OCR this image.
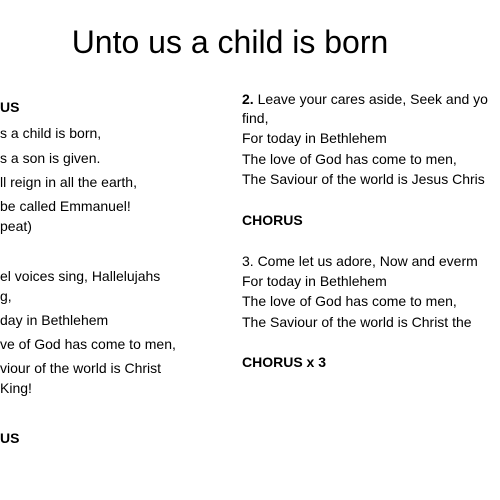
Unto us a child is born
US
s a child is born,
s a son is given.
ll reign in all the earth,
be called Emmanuel!
peat)
el voices sing, Hallelujahs
g,
day in Bethlehem
ve of God has come to men,
viour of the world is Christ
King!
US
2. Leave your cares aside, Seek and yo
find,
For today in Bethlehem
The love of God has come to men,
The Saviour of the world is Jesus Chris
CHORUS
3. Come let us adore, Now and everm
For today in Bethlehem
The love of God has come to men,
The Saviour of the world is Christ the
CHORUS x 3
